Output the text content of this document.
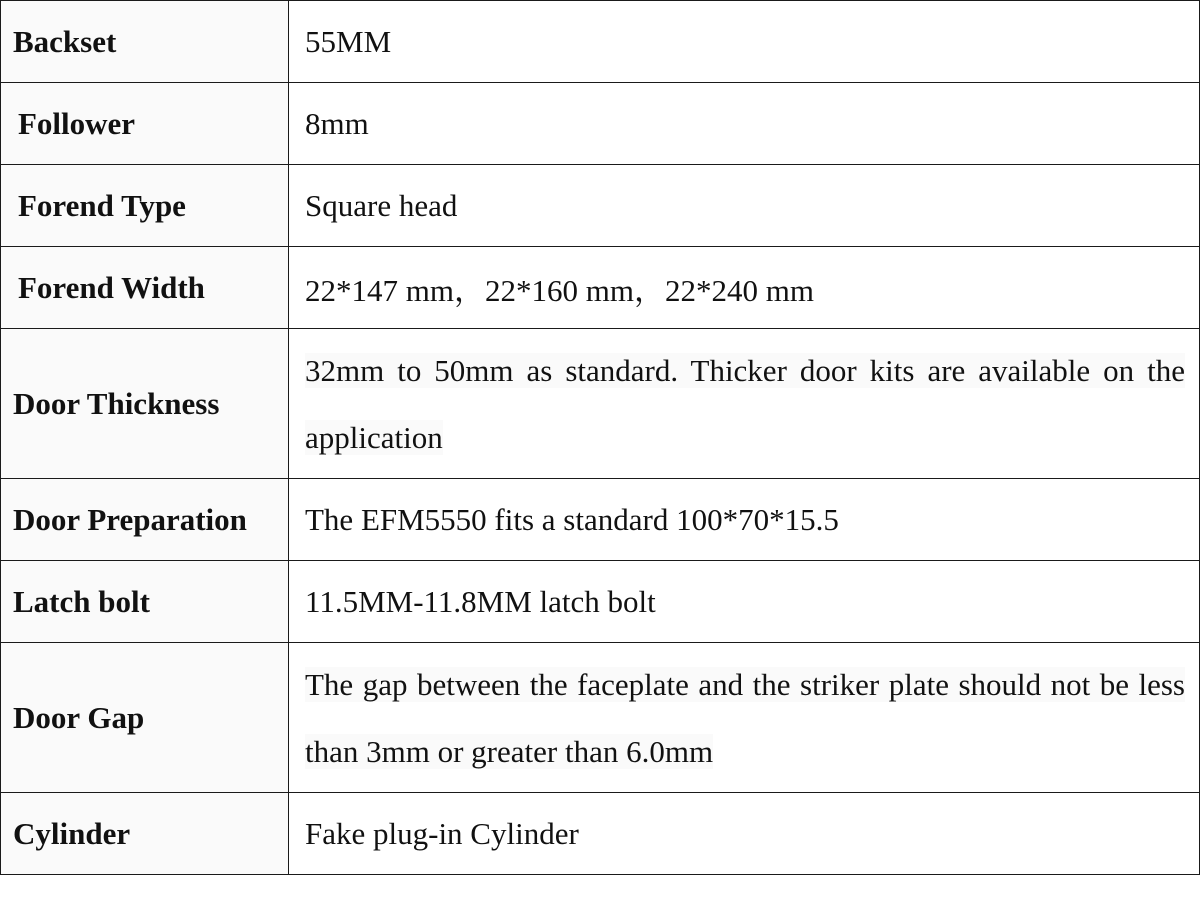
Backset	55MM
Follower	8mm
Forend Type	Square head
Forend Width	22*147 mm，22*160 mm，22*240 mm
Door Thickness	32mm to 50mm as standard. Thicker door kits are available on the application
Door Preparation	The EFM5550 fits a standard 100*70*15.5
Latch bolt	11.5MM-11.8MM latch bolt
Door Gap	The gap between the faceplate and the striker plate should not be less than 3mm or greater than 6.0mm
Cylinder	Fake plug-in Cylinder
